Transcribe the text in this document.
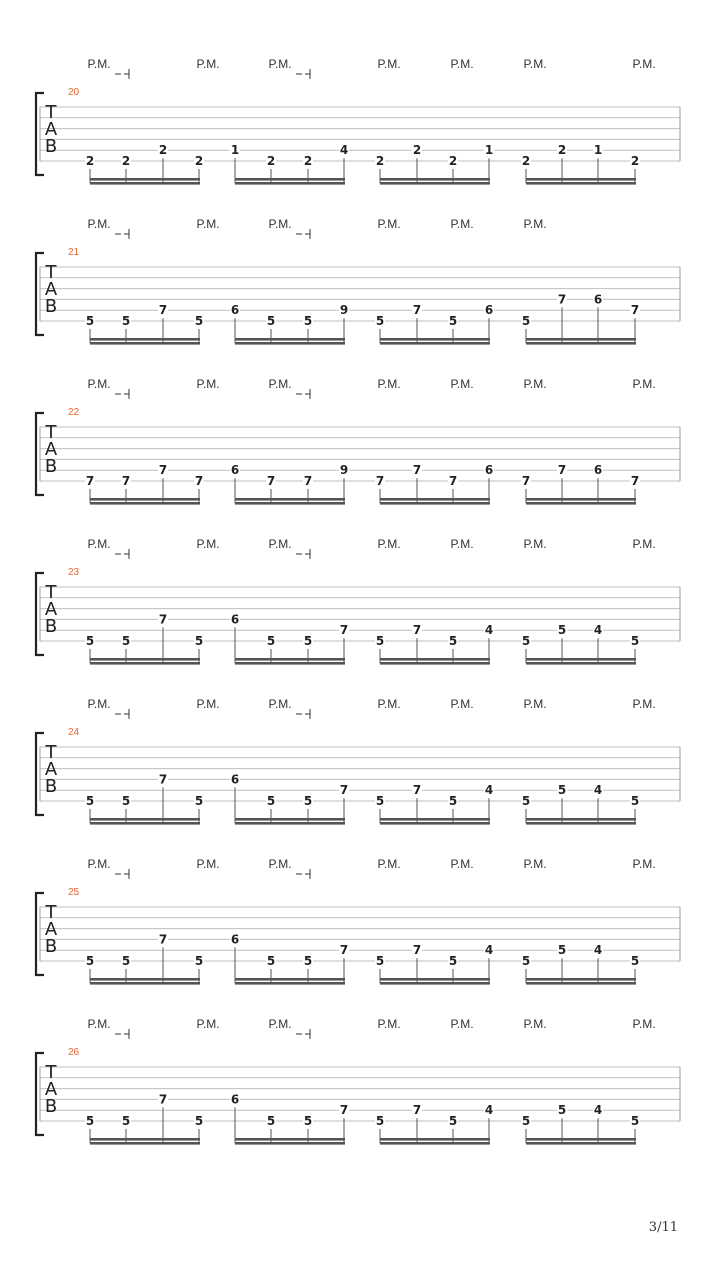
P.M.	P.M.	P.M.	P.M.	P.M.	P.M.	P.M.
20
T
A
B
2 2
2
2
1
2 2
4
2
2
2
1
2
2 1
2
P.M.	P.M.	P.M.	P.M.	P.M.	P.M.
21
T
A
B
5 5
7
5
6
5 5
9
5
7
5
6
5
7 6
7
P.M.	P.M.	P.M.	P.M.	P.M.	P.M.	P.M.
22
T
A
B
7 7
7
7
6
7 7
9
7
7
7
6
7
7 6
7
P.M.	P.M.	P.M.	P.M.	P.M.	P.M.	P.M.
23
T
A
B
5 5
7
5
6
5 5
7
5
7
5
4
5
5 4
5
P.M.	P.M.	P.M.	P.M.	P.M.	P.M.	P.M.
24
T
A
B
5 5
7
5
6
5 5
7
5
7
5
4
5
5 4
5
P.M.	P.M.	P.M.	P.M.	P.M.	P.M.	P.M.
25
T
A
B
5 5
7
5
6
5 5
7
5
7
5
4
5
5 4
5
P.M.	P.M.	P.M.	P.M.	P.M.	P.M.	P.M.
26
T
A
B
5 5
7
5
6
5 5
7
5
7
5
4
5
5 4
5
3/11
